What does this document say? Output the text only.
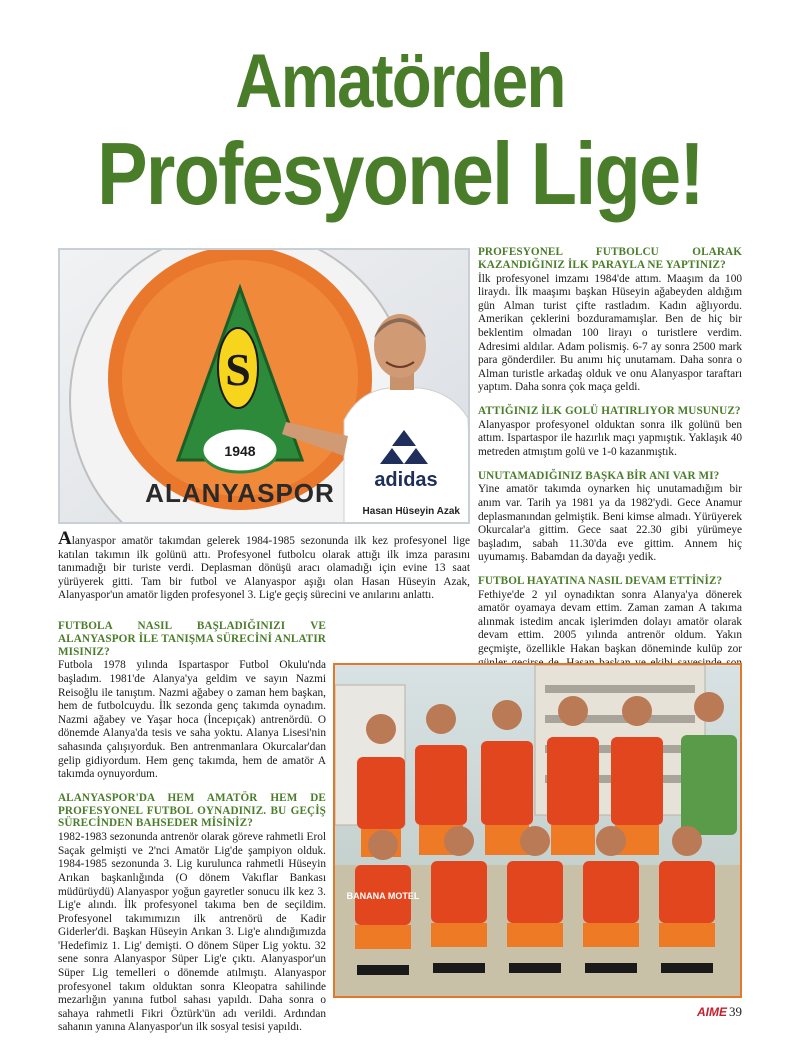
Amatörden
Profesyonel Lige!
S
1948
ALANYASPOR adidas
Hasan Hüseyin Azak
PROFESYONEL FUTBOLCU OLARAK KAZANDIĞINIZ İLK PARAYLA NE YAPTINIZ?

İlk profesyonel imzamı 1984'de attım. Maaşım da 100 liraydı. İlk maaşımı başkan Hüseyin ağabeyden aldığım gün Alman turist çifte rastladım. Kadın ağlıyordu. Amerikan çeklerini bozduramamışlar. Ben de hiç bir beklentim olmadan 100 lirayı o turistlere verdim. Adresimi aldılar. Adam polismiş. 6-7 ay sonra 2500 mark para gönderdiler. Bu anımı hiç unutamam. Daha sonra o Alman turistle arkadaş olduk ve onu Alanyaspor taraftarı yaptım. Daha sonra çok maça geldi.

ATTIĞINIZ İLK GOLÜ HATIRLIYOR MUSUNUZ?

Alanyaspor profesyonel olduktan sonra ilk golünü ben attım. Ispartaspor ile hazırlık maçı yapmıştık. Yaklaşık 40 metreden atmıştım golü ve 1-0 kazanmıştık.

UNUTAMADIĞINIZ BAŞKA BİR ANI VAR MI?

Yine amatör takımda oynarken hiç unutamadığım bir anım var. Tarih ya 1981 ya da 1982'ydi. Gece Anamur deplasmanından gelmiştik. Beni kimse almadı. Yürüyerek Okurcalar'a gittim. Gece saat 22.30 gibi yürümeye başladım, sabah 11.30'da eve gittim. Annem hiç uyumamış. Babamdan da dayağı yedik.

FUTBOL HAYATINA NASIL DEVAM ETTİNİZ?

Fethiye'de 2 yıl oynadıktan sonra Alanya'ya dönerek amatör oyamaya devam ettim. Zaman zaman A takıma alınmak istedim ancak işlerimden dolayı amatör olarak devam ettim. 2005 yılında antrenör oldum. Yakın geçmişte, özellikle Hakan başkan döneminde kulüp zor

Alanyaspor amatör takımdan gelerek 1984-1985 sezonunda ilk kez profesyonel lige katılan takımın ilk golünü attı. Profesyonel futbolcu olarak attığı ilk imza parasını tanımadığı bir turiste verdi. Deplasman dönüşü aracı olamadığı için evine 13 saat yürüyerek gitti. Tam bir futbol ve Alanyaspor aşığı olan Hasan Hüseyin Azak, Alanyaspor'un amatör ligden profesyonel 3. Lig'e geçiş sürecini ve anılarını anlattı.

FUTBOLA NASIL BAŞLADIĞINIZI VE ALANYASPOR İLE TANIŞMA SÜRECİNİ ANLATIR MISINIZ?

Futbola 1978 yılında Ispartaspor Futbol Okulu'nda başladım. 1981'de Alanya'ya geldim ve sayın Nazmi Reisoğlu ile tanıştım. Nazmi ağabey o zaman hem başkan, hem de futbolcuydu. İlk sezonda genç takımda oynadım. Nazmi ağabey ve Yaşar hoca (İncepıçak) antrenördü. O dönemde Alanya'da tesis ve saha yoktu. Alanya Lisesi'nin sahasında çalışıyorduk. Ben antrenmanlara Okurcalar'dan gelip gidiyordum. Hem genç takımda, hem de amatör A takımda oynuyordum.

ALANYASPOR'DA HEM AMATÖR HEM DE PROFESYONEL FUTBOL OYNADINIZ. BU GEÇİŞ SÜRECİNDEN BAHSEDER MİSİNİZ?

1982-1983 sezonunda antrenör olarak göreve rahmetli Erol Saçak gelmişti ve 2'nci Amatör Lig'de şampiyon olduk. 1984-1985 sezonunda 3. Lig kurulunca rahmetli Hüseyin Arıkan başkanlığında (O dönem Vakıflar Bankası müdürüydü) Alanyaspor yoğun gayretler sonucu ilk kez 3. Lig'e alındı. İlk profesyonel takıma ben de seçildim. Profesyonel takımımızın ilk antrenörü de Kadir Giderler'di. Başkan Hüseyin Arıkan 3. Lig'e alındığımızda 'Hedefimiz 1. Lig' demişti. O dönem Süper Lig yoktu. 32 sene sonra Alanyaspor Süper Lig'e çıktı. Alanyaspor'un Süper Lig temelleri o dönemde atılmıştı. Alanyaspor profesyonel takım olduktan sonra Kleopatra sahilinde mezarlığın yanına futbol sahası yapıldı. Daha sonra o sahaya rahmetli Fikri Öztürk'ün adı verildi. Ardından sahanın yanına Alanyaspor'un ilk sosyal tesisi yapıldı.

BANANA MOTEL
AIME 39
